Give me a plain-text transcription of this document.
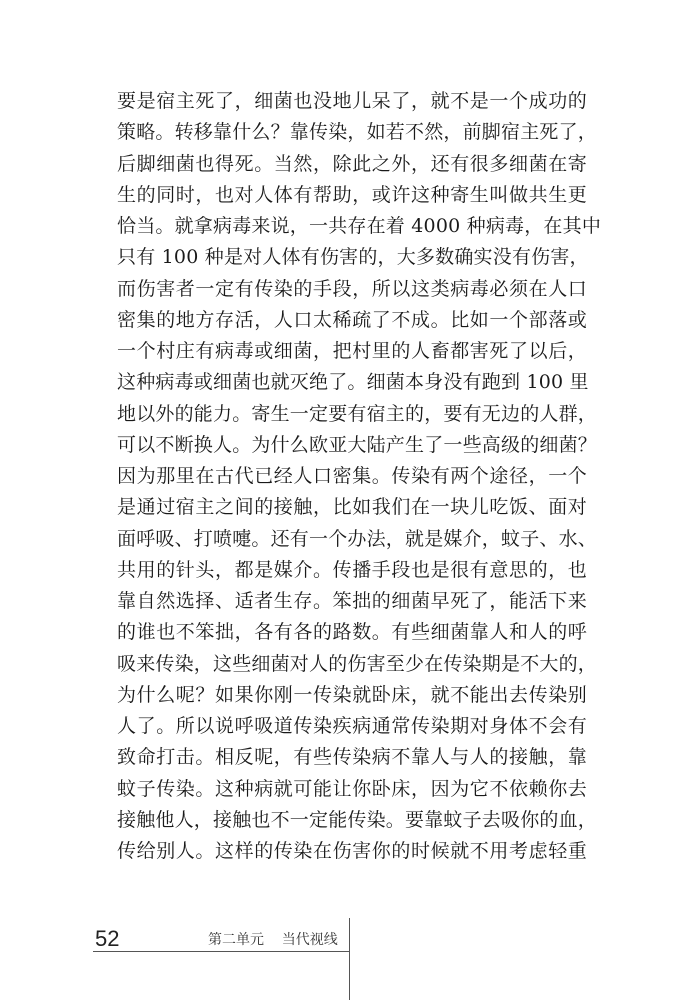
要是宿主死了，细菌也没地儿呆了，就不是一个成功的
策略。转移靠什么？靠传染，如若不然，前脚宿主死了，
后脚细菌也得死。当然，除此之外，还有很多细菌在寄
生的同时，也对人体有帮助，或许这种寄生叫做共生更
恰当。就拿病毒来说，一共存在着 4000 种病毒，在其中
只有 100 种是对人体有伤害的，大多数确实没有伤害，
而伤害者一定有传染的手段，所以这类病毒必须在人口
密集的地方存活，人口太稀疏了不成。比如一个部落或
一个村庄有病毒或细菌，把村里的人畜都害死了以后，
这种病毒或细菌也就灭绝了。细菌本身没有跑到 100 里
地以外的能力。寄生一定要有宿主的，要有无边的人群，
可以不断换人。为什么欧亚大陆产生了一些高级的细菌？
因为那里在古代已经人口密集。传染有两个途径，一个
是通过宿主之间的接触，比如我们在一块儿吃饭、面对
面呼吸、打喷嚏。还有一个办法，就是媒介，蚊子、水、
共用的针头，都是媒介。传播手段也是很有意思的，也
靠自然选择、适者生存。笨拙的细菌早死了，能活下来
的谁也不笨拙，各有各的路数。有些细菌靠人和人的呼
吸来传染，这些细菌对人的伤害至少在传染期是不大的，
为什么呢？如果你刚一传染就卧床，就不能出去传染别
人了。所以说呼吸道传染疾病通常传染期对身体不会有
致命打击。相反呢，有些传染病不靠人与人的接触，靠
蚊子传染。这种病就可能让你卧床，因为它不依赖你去
接触他人，接触也不一定能传染。要靠蚊子去吸你的血，
传给别人。这样的传染在伤害你的时候就不用考虑轻重
52	第二单元    当代视线
